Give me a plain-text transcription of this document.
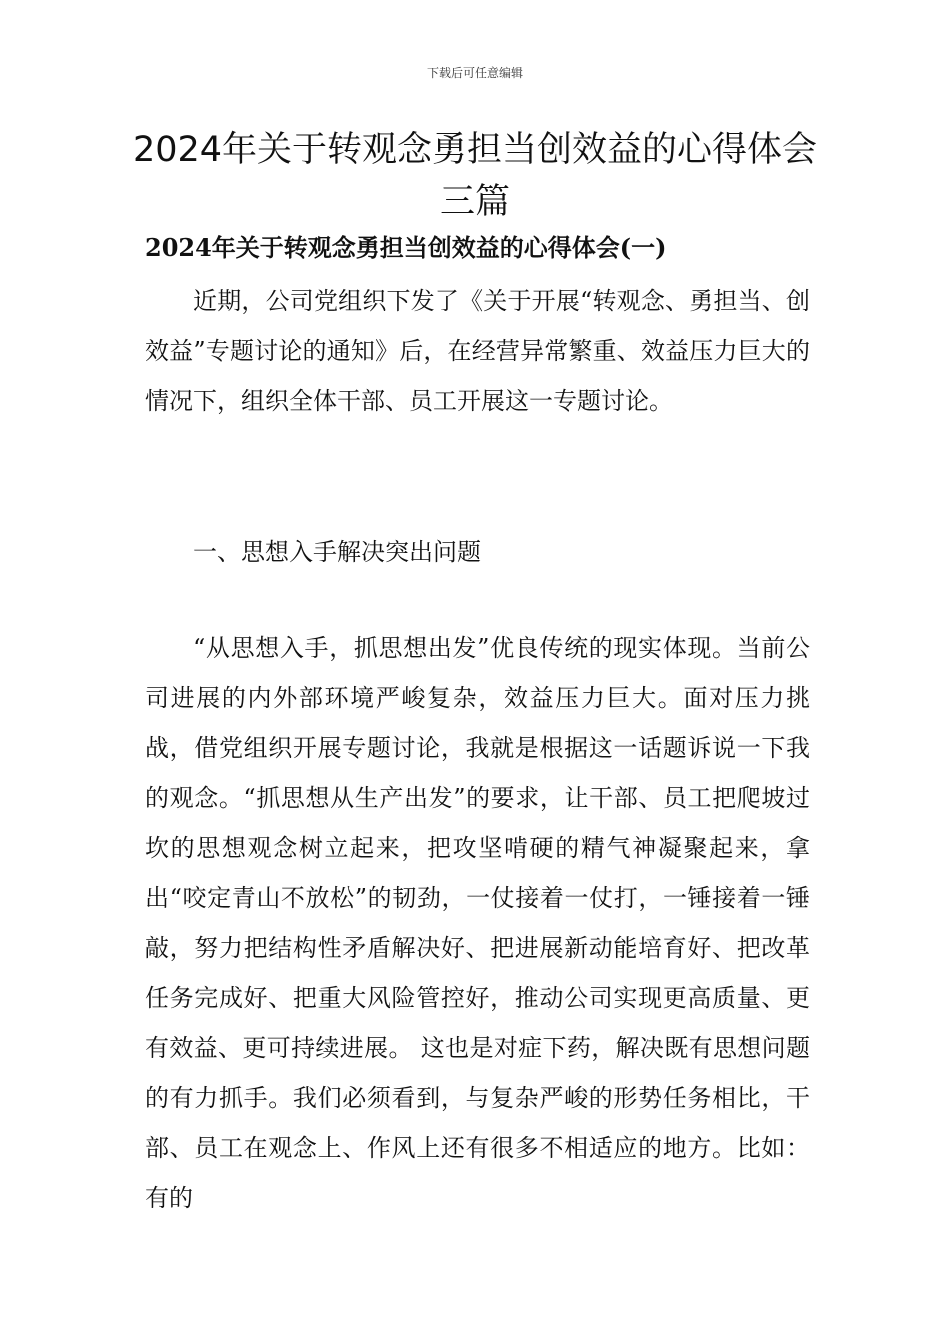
下载后可任意编辑
2024年关于转观念勇担当创效益的心得体会三篇
2024年关于转观念勇担当创效益的心得体会(一)

近期，公司党组织下发了《关于开展“转观念、勇担当、创效益”专题讨论的通知》后，在经营异常繁重、效益压力巨大的情况下，组织全体干部、员工开展这一专题讨论。

一、思想入手解决突出问题

“从思想入手，抓思想出发”优良传统的现实体现。当前公司进展的内外部环境严峻复杂，效益压力巨大。面对压力挑战，借党组织开展专题讨论，我就是根据这一话题诉说一下我的观念。“抓思想从生产出发”的要求，让干部、员工把爬坡过坎的思想观念树立起来，把攻坚啃硬的精气神凝聚起来，拿出“咬定青山不放松”的韧劲，一仗接着一仗打，一锤接着一锤敲，努力把结构性矛盾解决好、把进展新动能培育好、把改革任务完成好、把重大风险管控好，推动公司实现更高质量、更有效益、更可持续进展。 这也是对症下药，解决既有思想问题的有力抓手。我们必须看到，与复杂严峻的形势任务相比，干部、员工在观念上、作风上还有很多不相适应的地方。比如：有的
